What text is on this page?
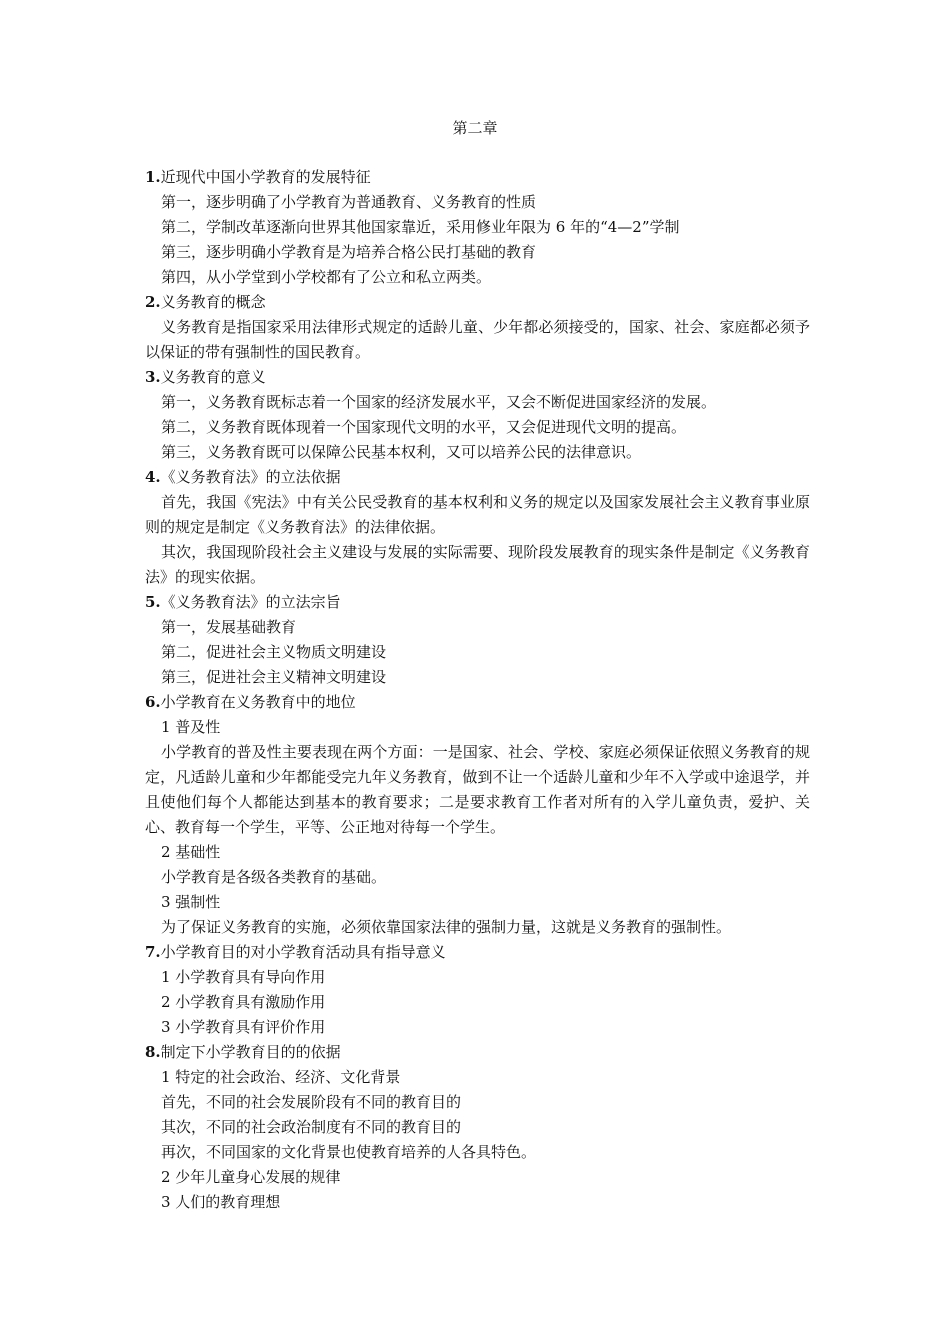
第二章
1.近现代中国小学教育的发展特征
第一，逐步明确了小学教育为普通教育、义务教育的性质
第二，学制改革逐渐向世界其他国家靠近，采用修业年限为 6 年的“4—2”学制
第三，逐步明确小学教育是为培养合格公民打基础的教育
第四，从小学堂到小学校都有了公立和私立两类。
2.义务教育的概念
义务教育是指国家采用法律形式规定的适龄儿童、少年都必须接受的，国家、社会、家庭都必须予以保证的带有强制性的国民教育。
3.义务教育的意义
第一，义务教育既标志着一个国家的经济发展水平，又会不断促进国家经济的发展。
第二，义务教育既体现着一个国家现代文明的水平，又会促进现代文明的提高。
第三，义务教育既可以保障公民基本权利，又可以培养公民的法律意识。
4.《义务教育法》的立法依据
首先，我国《宪法》中有关公民受教育的基本权利和义务的规定以及国家发展社会主义教育事业原则的规定是制定《义务教育法》的法律依据。
其次，我国现阶段社会主义建设与发展的实际需要、现阶段发展教育的现实条件是制定《义务教育法》的现实依据。
5.《义务教育法》的立法宗旨
第一，发展基础教育
第二，促进社会主义物质文明建设
第三，促进社会主义精神文明建设
6.小学教育在义务教育中的地位
1 普及性
小学教育的普及性主要表现在两个方面：一是国家、社会、学校、家庭必须保证依照义务教育的规定，凡适龄儿童和少年都能受完九年义务教育，做到不让一个适龄儿童和少年不入学或中途退学，并且使他们每个人都能达到基本的教育要求；二是要求教育工作者对所有的入学儿童负责，爱护、关心、教育每一个学生，平等、公正地对待每一个学生。
2 基础性
小学教育是各级各类教育的基础。
3 强制性
为了保证义务教育的实施，必须依靠国家法律的强制力量，这就是义务教育的强制性。
7.小学教育目的对小学教育活动具有指导意义
1 小学教育具有导向作用
2 小学教育具有激励作用
3 小学教育具有评价作用
8.制定下小学教育目的的依据
1 特定的社会政治、经济、文化背景
首先，不同的社会发展阶段有不同的教育目的
其次，不同的社会政治制度有不同的教育目的
再次，不同国家的文化背景也使教育培养的人各具特色。
2 少年儿童身心发展的规律
3 人们的教育理想
